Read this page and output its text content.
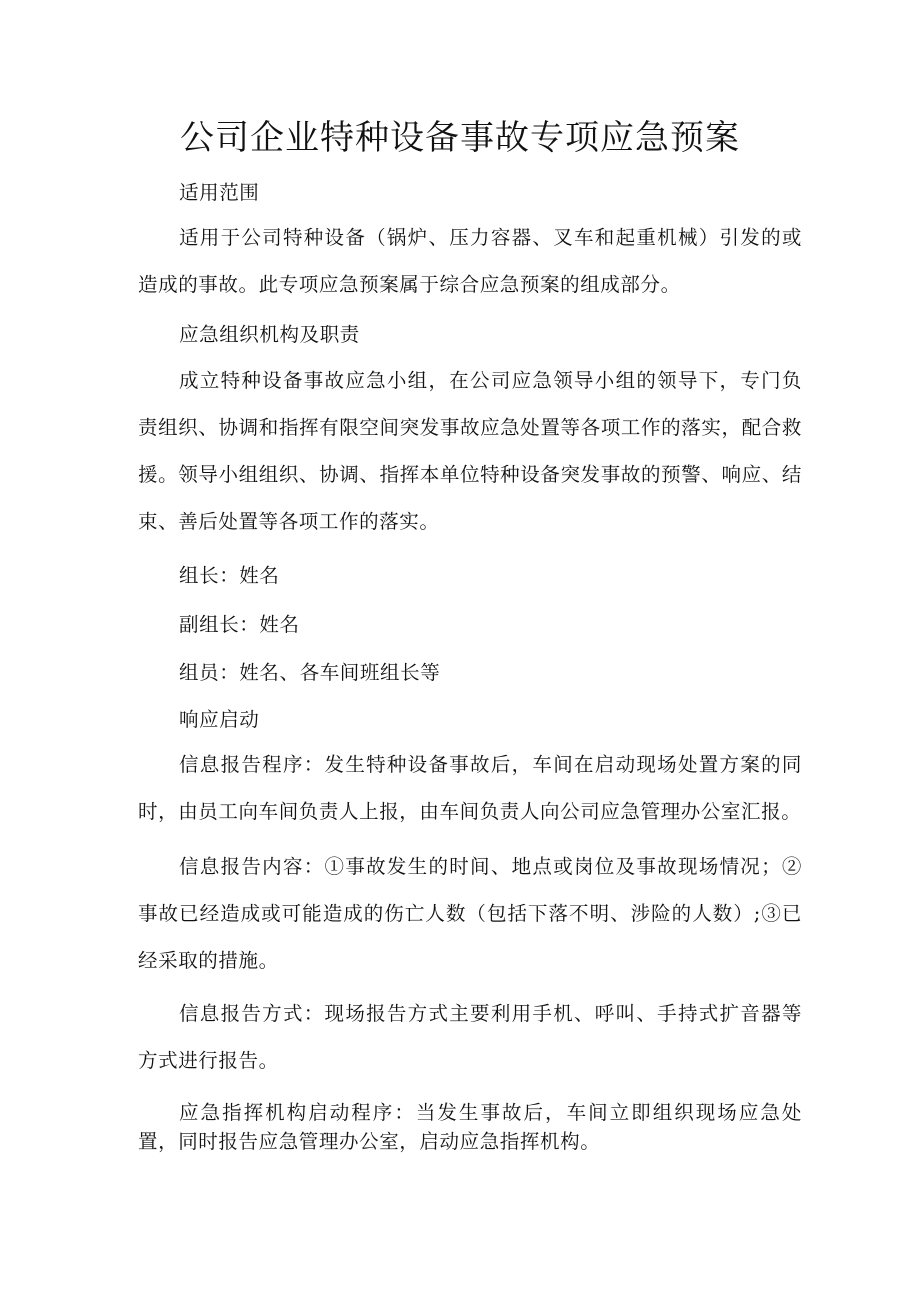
公司企业特种设备事故专项应急预案

适用范围

适用于公司特种设备（锅炉、压力容器、叉车和起重机械）引发的或造成的事故。此专项应急预案属于综合应急预案的组成部分。

应急组织机构及职责

成立特种设备事故应急小组，在公司应急领导小组的领导下，专门负责组织、协调和指挥有限空间突发事故应急处置等各项工作的落实，配合救援。领导小组组织、协调、指挥本单位特种设备突发事故的预警、响应、结束、善后处置等各项工作的落实。

组长：姓名

副组长：姓名

组员：姓名、各车间班组长等

响应启动

信息报告程序：发生特种设备事故后，车间在启动现场处置方案的同时，由员工向车间负责人上报，由车间负责人向公司应急管理办公室汇报。

信息报告内容：①事故发生的时间、地点或岗位及事故现场情况；②事故已经造成或可能造成的伤亡人数（包括下落不明、涉险的人数）;③已经采取的措施。

信息报告方式：现场报告方式主要利用手机、呼叫、手持式扩音器等方式进行报告。

应急指挥机构启动程序：当发生事故后，车间立即组织现场应急处置，同时报告应急管理办公室，启动应急指挥机构。
